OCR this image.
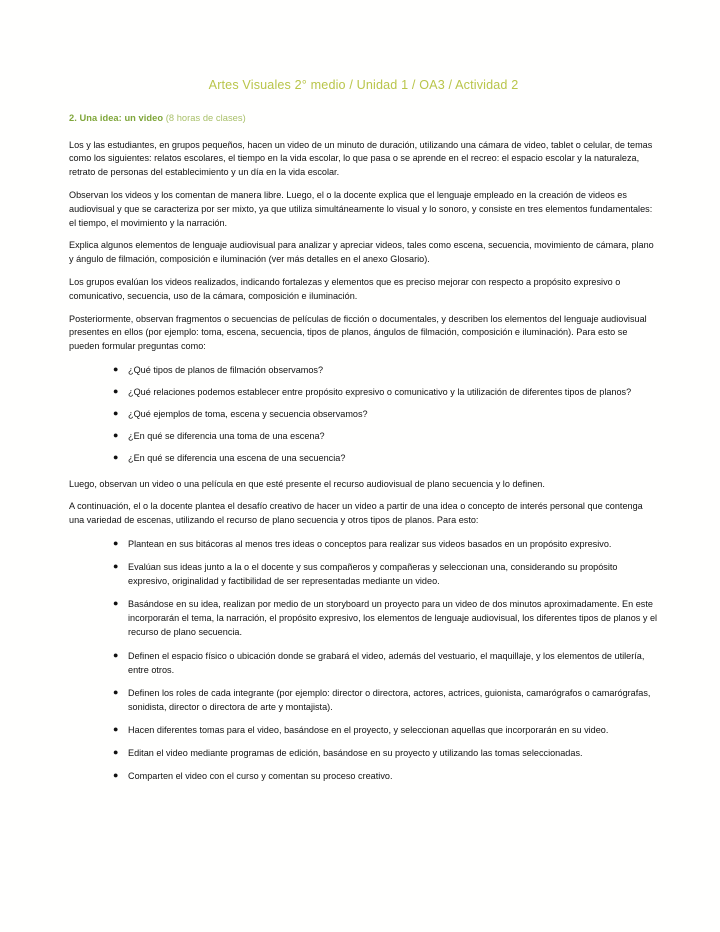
Artes Visuales 2° medio / Unidad 1 / OA3 / Actividad 2
2. Una idea: un video (8 horas de clases)

Los y las estudiantes, en grupos pequeños, hacen un video de un minuto de duración, utilizando una cámara de video, tablet o celular, de temas como los siguientes: relatos escolares, el tiempo en la vida escolar, lo que pasa o se aprende en el recreo: el espacio escolar y la naturaleza, retrato de personas del establecimiento y un día en la vida escolar.

Observan los videos y los comentan de manera libre. Luego, el o la docente explica que el lenguaje empleado en la creación de videos es audiovisual y que se caracteriza por ser mixto, ya que utiliza simultáneamente lo visual y lo sonoro, y consiste en tres elementos fundamentales: el tiempo, el movimiento y la narración.

Explica algunos elementos de lenguaje audiovisual para analizar y apreciar videos, tales como escena, secuencia, movimiento de cámara, plano y ángulo de filmación, composición e iluminación (ver más detalles en el anexo Glosario).

Los grupos evalúan los videos realizados, indicando fortalezas y elementos que es preciso mejorar con respecto a propósito expresivo o comunicativo, secuencia, uso de la cámara, composición e iluminación.

Posteriormente, observan fragmentos o secuencias de películas de ficción o documentales, y describen los elementos del lenguaje audiovisual presentes en ellos (por ejemplo: toma, escena, secuencia, tipos de planos, ángulos de filmación, composición e iluminación). Para esto se pueden formular preguntas como:

● ¿Qué tipos de planos de filmación observamos?
● ¿Qué relaciones podemos establecer entre propósito expresivo o comunicativo y la utilización de diferentes tipos de planos?
● ¿Qué ejemplos de toma, escena y secuencia observamos?
● ¿En qué se diferencia una toma de una escena?
● ¿En qué se diferencia una escena de una secuencia?

Luego, observan un video o una película en que esté presente el recurso audiovisual de plano secuencia y lo definen.

A continuación, el o la docente plantea el desafío creativo de hacer un video a partir de una idea o concepto de interés personal que contenga una variedad de escenas, utilizando el recurso de plano secuencia y otros tipos de planos. Para esto:

● Plantean en sus bitácoras al menos tres ideas o conceptos para realizar sus videos basados en un propósito expresivo.
● Evalúan sus ideas junto a la o el docente y sus compañeros y compañeras y seleccionan una, considerando su propósito expresivo, originalidad y factibilidad de ser representadas mediante un video.
● Basándose en su idea, realizan por medio de un storyboard un proyecto para un video de dos minutos aproximadamente. En este incorporarán el tema, la narración, el propósito expresivo, los elementos de lenguaje audiovisual, los diferentes tipos de planos y el recurso de plano secuencia.
● Definen el espacio físico o ubicación donde se grabará el video, además del vestuario, el maquillaje, y los elementos de utilería, entre otros.
● Definen los roles de cada integrante (por ejemplo: director o directora, actores, actrices, guionista, camarógrafos o camarógrafas, sonidista, director o directora de arte y montajista).
● Hacen diferentes tomas para el video, basándose en el proyecto, y seleccionan aquellas que incorporarán en su video.
● Editan el video mediante programas de edición, basándose en su proyecto y utilizando las tomas seleccionadas.
● Comparten el video con el curso y comentan su proceso creativo.
